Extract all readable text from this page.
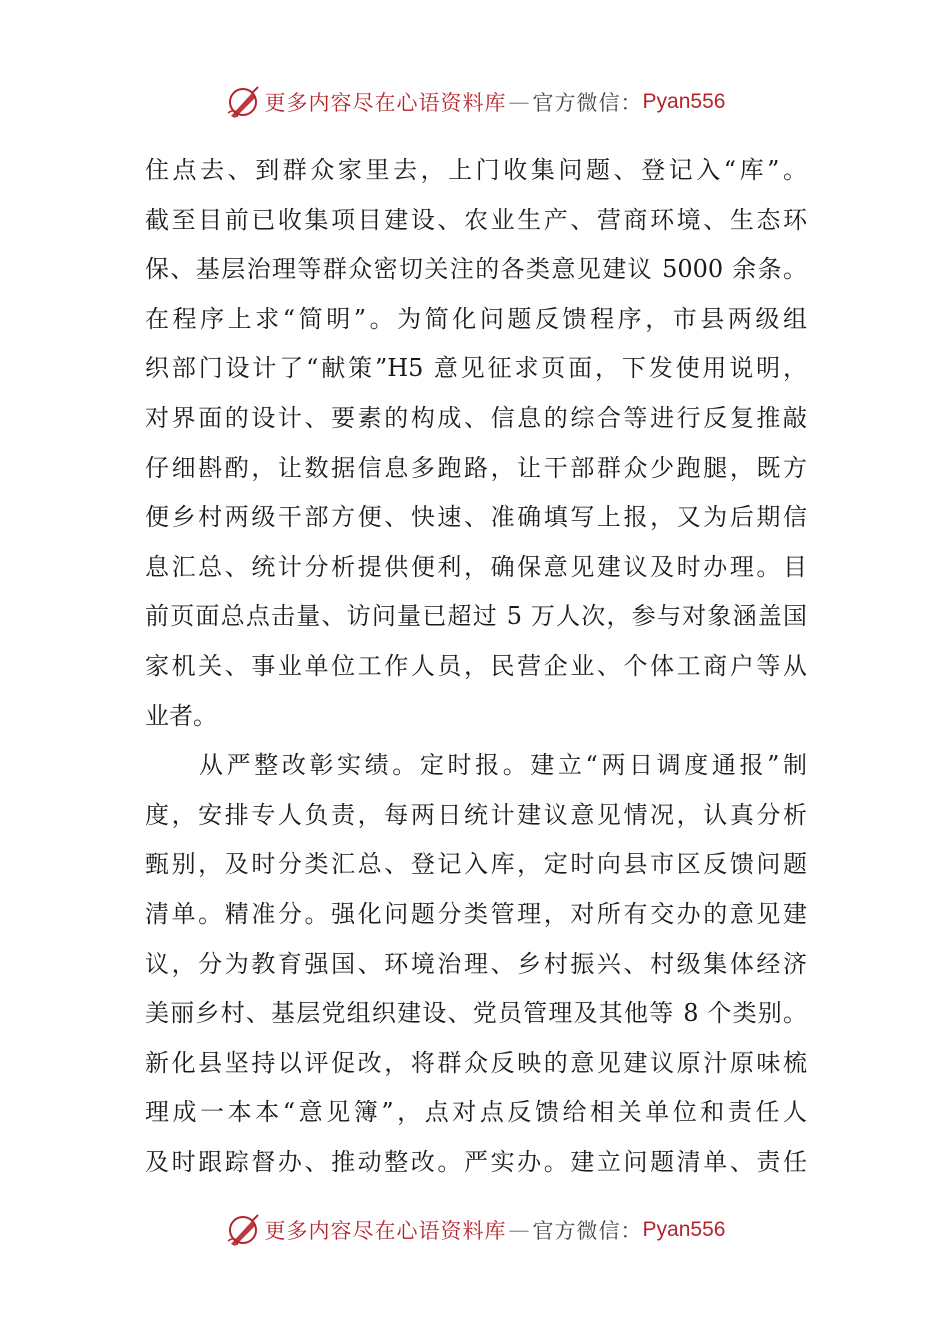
更多内容尽在心语资料库 — 官方微信： Pyan556
住点去、到群众家里去，上门收集问题、登记入“库”。
截至目前已收集项目建设、农业生产、营商环境、生态环
保、基层治理等群众密切关注的各类意见建议 5000 余条。
在程序上求“简明”。为简化问题反馈程序，市县两级组
织部门设计了“献策”H5 意见征求页面，下发使用说明，
对界面的设计、要素的构成、信息的综合等进行反复推敲
仔细斟酌，让数据信息多跑路，让干部群众少跑腿，既方
便乡村两级干部方便、快速、准确填写上报，又为后期信
息汇总、统计分析提供便利，确保意见建议及时办理。目
前页面总点击量、访问量已超过 5 万人次，参与对象涵盖国
家机关、事业单位工作人员，民营企业、个体工商户等从
业者。
从严整改彰实绩。定时报。建立“两日调度通报”制
度，安排专人负责，每两日统计建议意见情况，认真分析
甄别，及时分类汇总、登记入库，定时向县市区反馈问题
清单。精准分。强化问题分类管理，对所有交办的意见建
议，分为教育强国、环境治理、乡村振兴、村级集体经济
美丽乡村、基层党组织建设、党员管理及其他等 8 个类别。
新化县坚持以评促改，将群众反映的意见建议原汁原味梳
理成一本本“意见簿”，点对点反馈给相关单位和责任人
及时跟踪督办、推动整改。严实办。建立问题清单、责任
更多内容尽在心语资料库 — 官方微信： Pyan556
